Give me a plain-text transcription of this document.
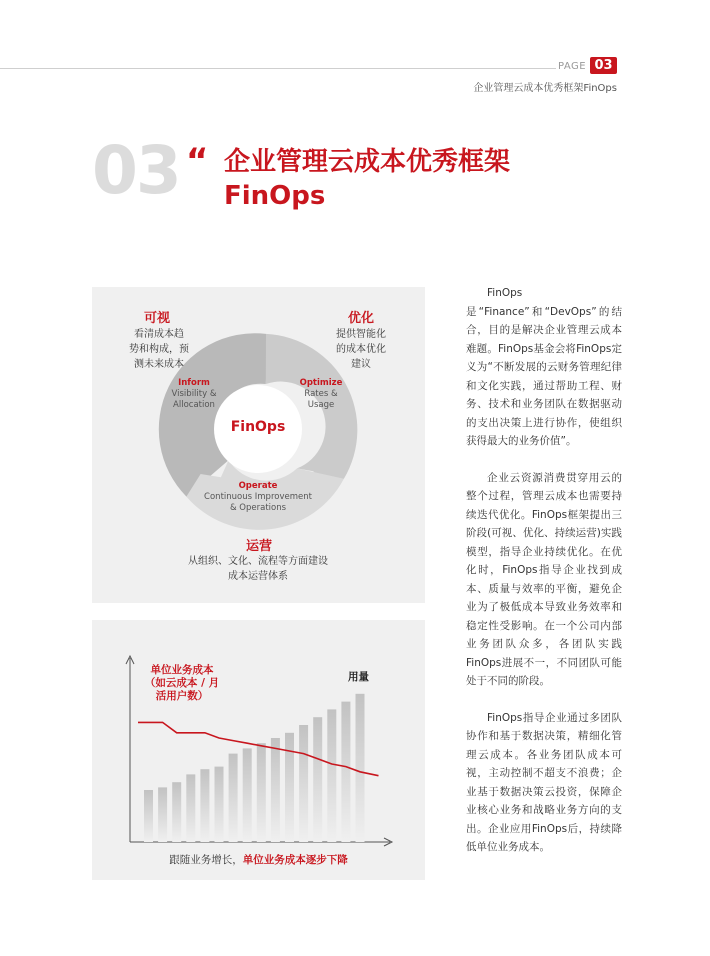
PAGE 03
企业管理云成本优秀框架FinOps
03 “ 企业管理云成本优秀框架
FinOps
可视
看清成本趋
势和构成，预
测未来成本
优化
提供智能化
的成本优化
建议
Inform
Visibility &
Allocation
Optimize
Rates &
Usage
FinOps
Operate
Continuous Improvement
& Operations
运营
从组织、文化、流程等方面建设
成本运营体系
单位业务成本
（如云成本 / 月
活用户数）
用量
跟随业务增长，单位业务成本逐步下降

FinOps是“Finance”和“DevOps”的结合，目的是解决企业管理云成本难题。FinOps基金会将FinOps定义为“不断发展的云财务管理纪律和文化实践，通过帮助工程、财务、技术和业务团队在数据驱动的支出决策上进行协作，使组织获得最大的业务价值”。

企业云资源消费贯穿用云的整个过程，管理云成本也需要持续迭代优化。FinOps框架提出三阶段(可视、优化、持续运营)实践模型，指导企业持续优化。在优化时，FinOps指导企业找到成本、质量与效率的平衡，避免企业为了极低成本导致业务效率和稳定性受影响。在一个公司内部业务团队众多，各团队实践FinOps进展不一，不同团队可能处于不同的阶段。

FinOps指导企业通过多团队协作和基于数据决策，精细化管理云成本。各业务团队成本可视，主动控制不超支不浪费；企业基于数据决策云投资，保障企业核心业务和战略业务方向的支出。企业应用FinOps后，持续降低单位业务成本。
